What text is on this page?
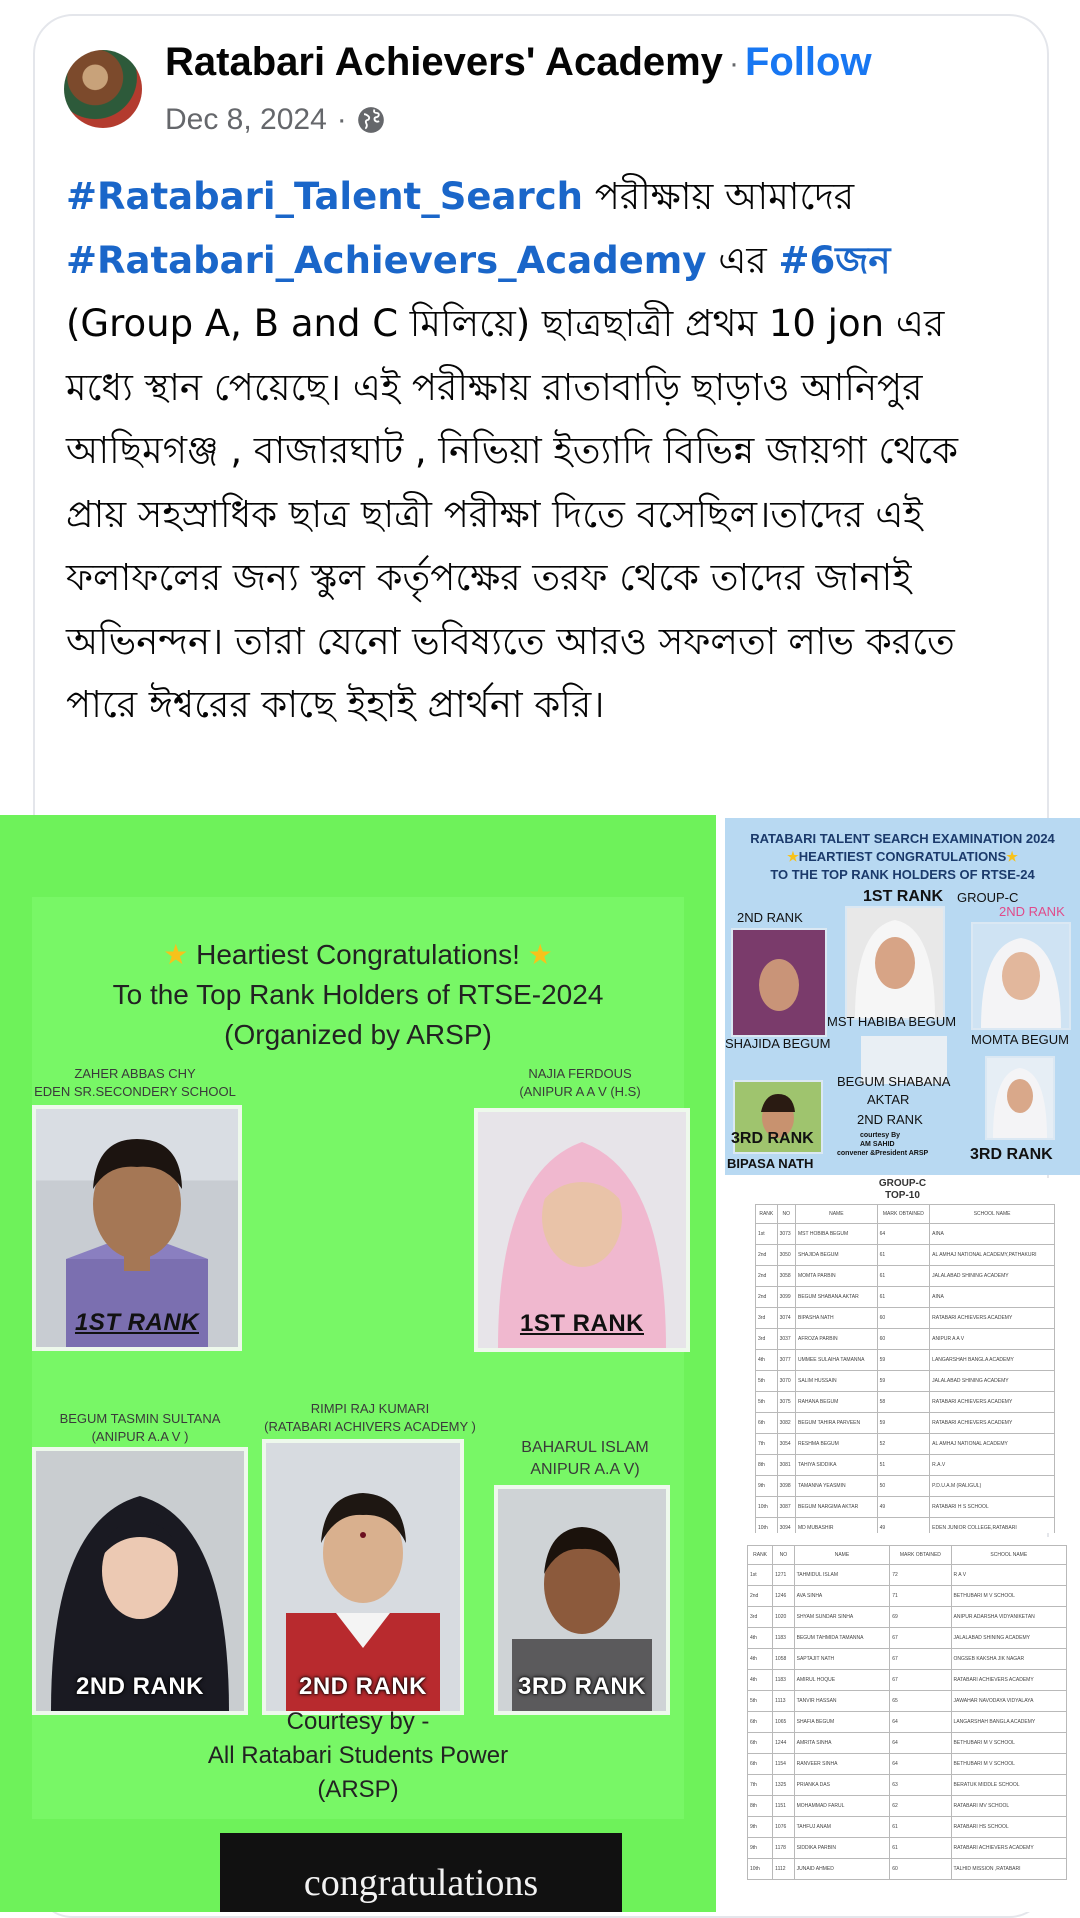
Ratabari Achievers' Academy · Follow
Dec 8, 2024 ·
#Ratabari_Talent_Search পরীক্ষায় আমাদের #Ratabari_Achievers_Academy এর #6জন (Group A, B and C মিলিয়ে) ছাত্রছাত্রী প্রথম 10 jon এর মধ্যে স্থান পেয়েছে। এই পরীক্ষায় রাতাবাড়ি ছাড়াও আনিপুর আছিমগঞ্জ , বাজারঘাট , নিভিয়া ইত্যাদি বিভিন্ন জায়গা থেকে প্রায় সহস্রাধিক ছাত্র ছাত্রী পরীক্ষা দিতে বসেছিল।তাদের এই ফলাফলের জন্য স্কুল কর্তৃপক্ষের তরফ থেকে তাদের জানাই অভিনন্দন। তারা যেনো ভবিষ্যতে আরও সফলতা লাভ করতে পারে ঈশ্বরের কাছে ইহাই প্রার্থনা করি।
★ Heartiest Congratulations! ★
To the Top Rank Holders of RTSE-2024
(Organized by ARSP)
ZAHER ABBAS CHY
EDEN SR.SECONDERY SCHOOL
1ST RANK
NAJIA FERDOUS
(ANIPUR A A V (H.S)
1ST RANK
BEGUM TASMIN SULTANA
(ANIPUR A.A V )
2ND RANK
RIMPI RAJ KUMARI
(RATABARI ACHIVERS ACADEMY )
2ND RANK
BAHARUL ISLAM
ANIPUR A.A V)
3RD RANK
Courtesy by -
All Ratabari Students Power
(ARSP)
congratulations
RATABARI TALENT SEARCH EXAMINATION 2024
★HEARTIEST CONGRATULATIONS★
TO THE TOP RANK HOLDERS OF RTSE-24
1ST RANK GROUP-C
2ND RANK	2ND RANK
MST HABIBA BEGUM
SHAJIDA BEGUM	MOMTA BEGUM
BEGUM SHABANA
AKTAR
2ND RANK
courtesy By
AM SAHID
convener &President ARSP
3RD RANK
BIPASA NATH
3RD RANK
GROUP-C
TOP-10
RANK	NO	NAME	MARK OBTAINED	SCHOOL NAME
1st	3073	MST HOBIBA BEGUM	64	AINA
2nd	3050	SHAJIDA BEGUM	61	AL AMHAJ NATIONAL ACADEMY,PATHAKURI
2nd	3058	MOMTA PARBIN	61	JALALABAD SHINING ACADEMY
2nd	3099	BEGUM SHABANA AKTAR	61	AINA
3rd	3074	BIPASHA NATH	60	RATABARI ACHIEVERS ACADEMY
3rd	3037	AFROZA PARBIN	60	ANIPUR A A V
4th	3077	UMMEE SULAIHA TAMANNA	59	LANGARSHAH BANGLA ACADEMY
5th	3070	SALIM HUSSAIN	59	JALALABAD SHINING ACADEMY
5th	3075	RAHANA BEGUM	58	RATABARI ACHIEVERS ACADEMY
6th	3082	BEGUM TAHIRA PARVEEN	59	RATABARI ACHIEVERS ACADEMY
7th	3054	RESHMA BEGUM	52	AL AMHAJ NATIONAL ACADEMY
8th	3081	TAHIYA SIDDIKA	51	R.A.V
9th	3098	TAMANNA YEASMIN	50	P.D.U.A.M (RALIGUL)
10th	3087	BEGUM NARGIMA AKTAR	49	RATABARI H S SCHOOL
10th	3094	MD MUBASHIR	49	EDEN JUNIOR COLLEGE,RATABARI
RANK	NO	NAME	MARK OBTAINED	SCHOOL NAME
1st	1271	TAHMIDUL ISLAM	72	R A V
2nd	1246	AVA SINHA	71	BETHUBARI M V SCHOOL
3rd	1020	SHYAM SUNDAR SINHA	69	ANIPUR ADARSHA VIDYANIKETAN
4th	1183	BEGUM TAHMIDA TAMANNA	67	JALALABAD SHINING ACADEMY
4th	1058	SAPTAJIT NATH	67	ONGSEB KAKSHA JIK NAGAR
4th	1183	AMIRUL HOQUE	67	RATABARI ACHIEVERS ACADEMY
5th	1113	TANVIR HASSAN	65	JAWAHAR NAVODAYA VIDYALAYA
6th	1065	SHAFIA BEGUM	64	LANGARSHAH BANGLA ACADEMY
6th	1244	AMRITA SINHA	64	BETHUBARI M V SCHOOL
6th	1154	RANVEER SINHA	64	BETHUBARI M V SCHOOL
7th	1325	PRIANKA DAS	63	BERATUK MIDDLE SCHOOL
8th	1151	MOHAMMAD FARUL	62	RATABARI MV SCHOOL
9th	1076	TAHFUJ ANAM	61	RATABARI HS SCHOOL
9th	1178	SIDDIKA PARBIN	61	RATABARI ACHIEVERS ACADEMY
10th	1112	JUNAID AHMED	60	TALHID MISSION ,RATABARI
